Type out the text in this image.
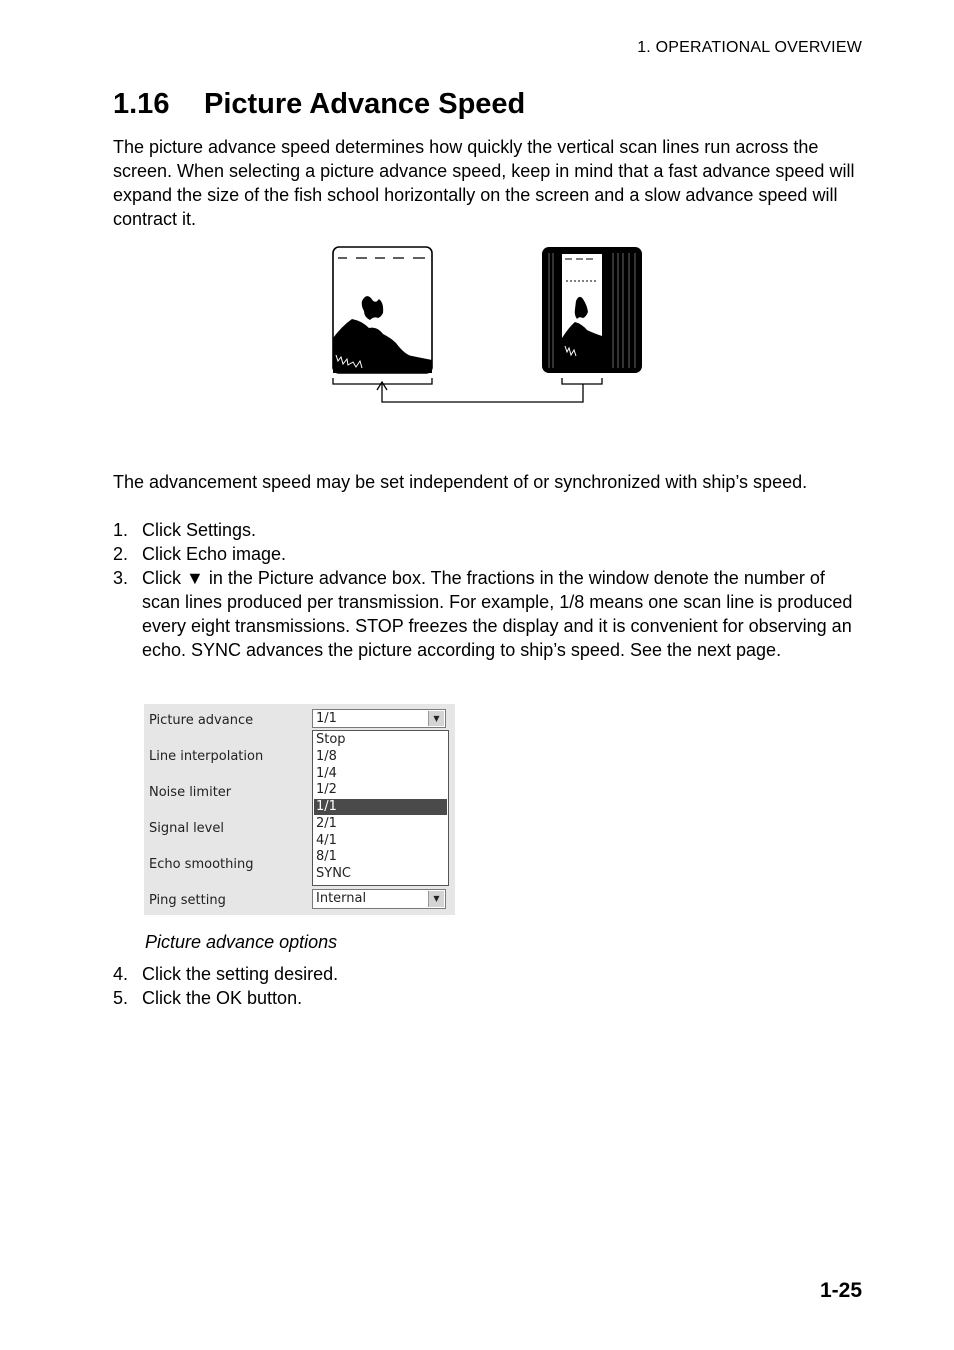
1. OPERATIONAL OVERVIEW
1.16 Picture Advance Speed

The picture advance speed determines how quickly the vertical scan lines run across the screen. When selecting a picture advance speed, keep in mind that a fast advance speed will expand the size of the fish school horizontally on the screen and a slow advance speed will contract it.

The advancement speed may be set independent of or synchronized with ship’s speed.

1. Click Settings.
2. Click Echo image.
3. Click ▼ in the Picture advance box. The fractions in the window denote the number of scan lines produced per transmission. For example, 1/8 means one scan line is produced every eight transmissions. STOP freezes the display and it is convenient for observing an echo. SYNC advances the picture according to ship’s speed. See the next page.
Picture advance
Line interpolation
Noise limiter
Signal level
Echo smoothing
Ping setting
1/1	▼
Stop
1/8
1/4
1/2
1/1
2/1
4/1
8/1
SYNC
Internal	▼
Picture advance options
4. Click the setting desired.
5. Click the OK button.
1-25
